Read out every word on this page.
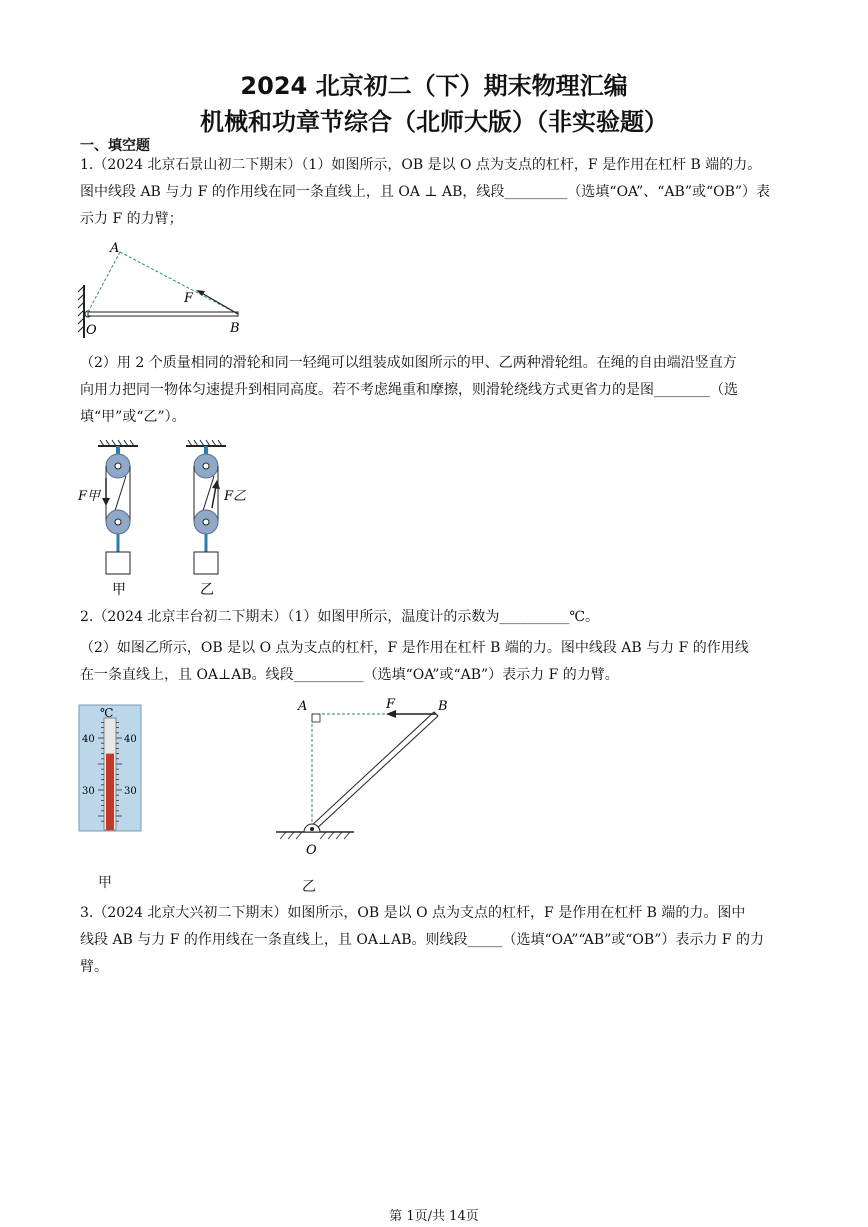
2024 北京初二（下）期末物理汇编
机械和功章节综合（北师大版）（非实验题）
一、填空题
1.（2024 北京石景山初二下期末）（1）如图所示，OB 是以 O 点为支点的杠杆，F 是作用在杠杆 B 端的力。
图中线段 AB 与力 F 的作用线在同一条直线上，且 OA ⊥ AB，线段_________（选填“OA”、“AB”或“OB”）表
示力 F 的力臂；
A
F
O	B
（2）用 2 个质量相同的滑轮和同一轻绳可以组装成如图所示的甲、乙两种滑轮组。在绳的自由端沿竖直方
向用力把同一物体匀速提升到相同高度。若不考虑绳重和摩擦，则滑轮绕线方式更省力的是图________（选
填“甲”或“乙”）。
F甲
甲
F乙
乙
2.（2024 北京丰台初二下期末）（1）如图甲所示，温度计的示数为__________℃。
（2）如图乙所示，OB 是以 O 点为支点的杠杆，F 是作用在杠杆 B 端的力。图中线段 AB 与力 F 的作用线
在一条直线上，且 OA⊥AB。线段__________（选填“OA”或“AB”）表示力 F 的力臂。
℃
40	40
30	30
甲
A	F	B
O
乙
3.（2024 北京大兴初二下期末）如图所示，OB 是以 O 点为支点的杠杆，F 是作用在杠杆 B 端的力。图中
线段 AB 与力 F 的作用线在一条直线上，且 OA⊥AB。则线段_____（选填“OA”“AB”或“OB”）表示力 F 的力
臂。
第 1页/共 14页
